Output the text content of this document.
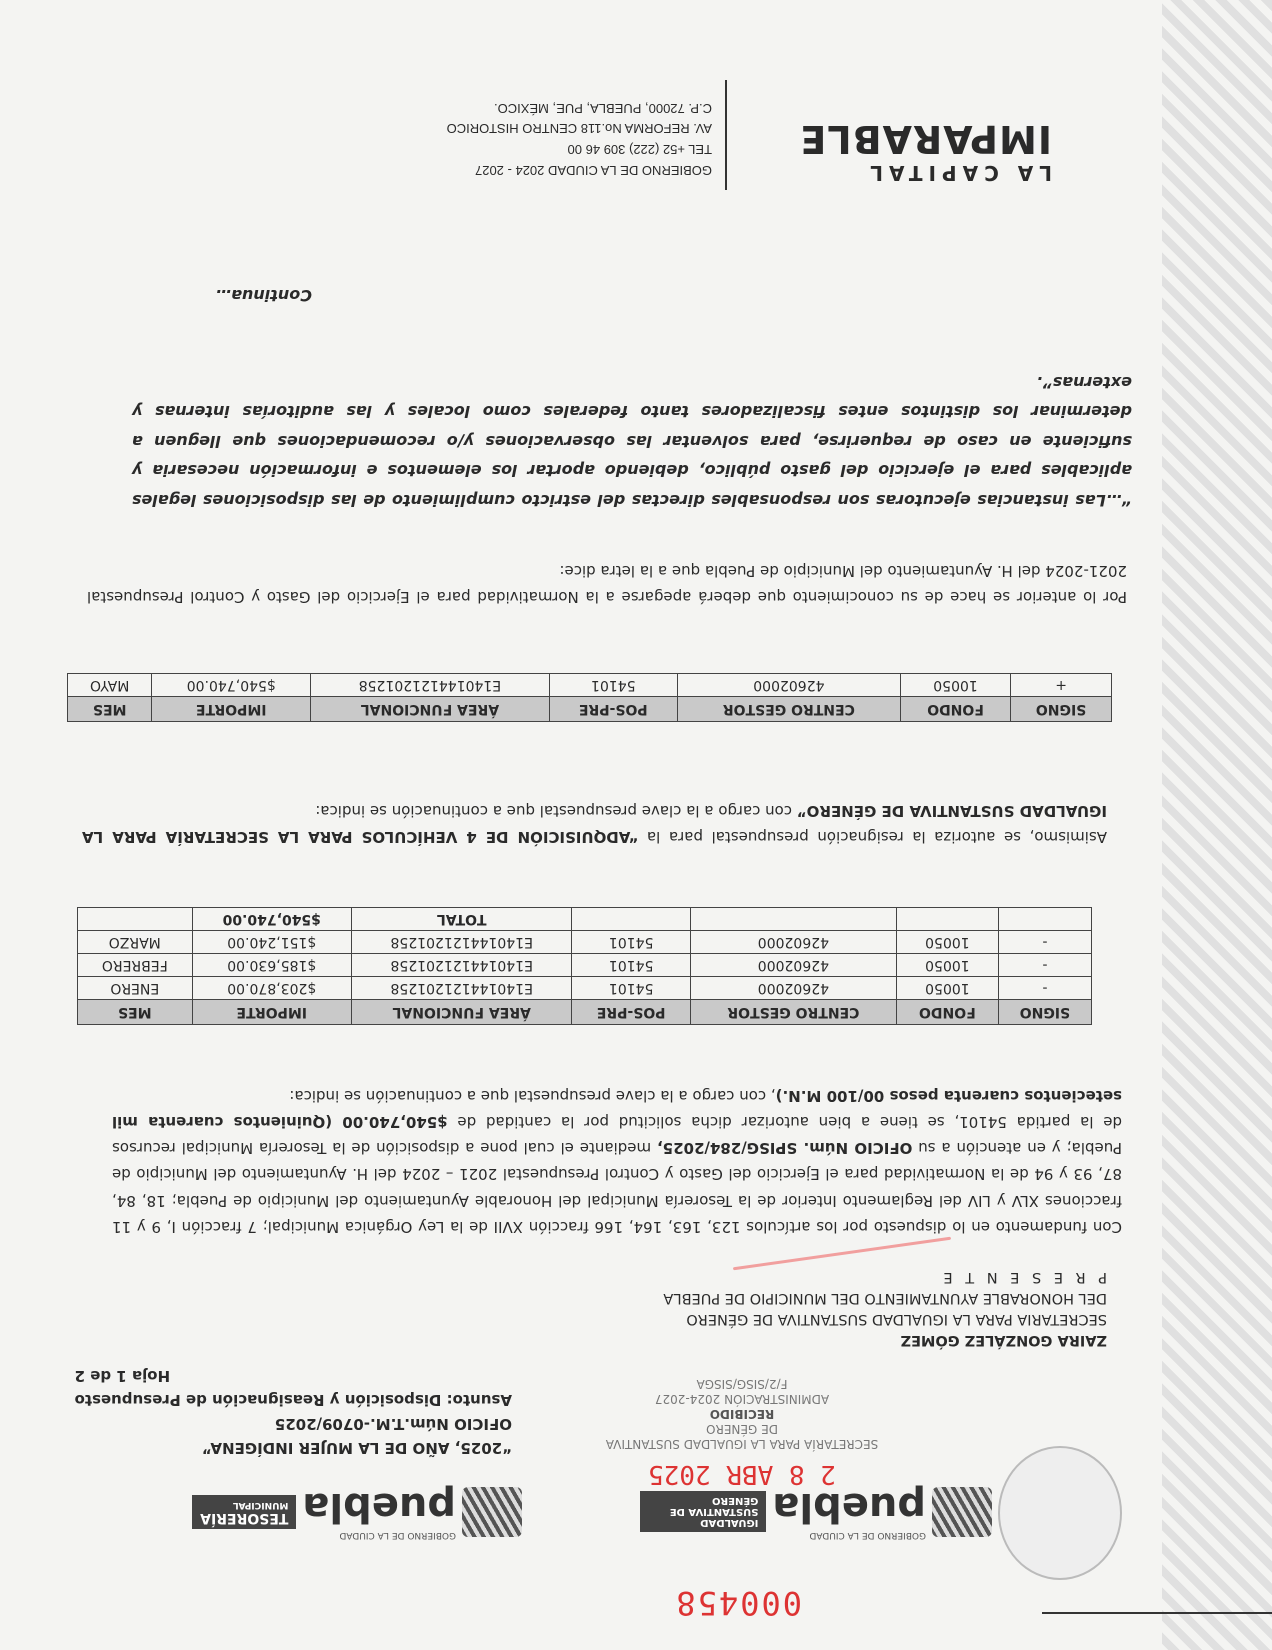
000458
GOBIERNO DE LA CIUDAD
puebla
IGUALDAD SUSTANTIVA DE GÉNERO
GOBIERNO DE LA CIUDAD
puebla
TESORERÍA
MUNICIPAL
2 8 ABR 2025
SECRETARÍA PARA LA IGUALDAD SUSTANTIVA
DE GÉNERO
RECIBIDO
ADMINISTRACIÓN 2024-2027
F/2/SISG/SISGA
“2025, AÑO DE LA MUJER INDÍGENA”
OFICIO Núm.T.M.-0709/2025
Asunto: Disposición y Reasignación de Presupuesto
Hoja 1 de 2
ZAIRA GONZÁLEZ GÓMEZ
SECRETARIA PARA LA IGUALDAD SUSTANTIVA DE GÉNERO
DEL HONORABLE AYUNTAMIENTO DEL MUNICIPIO DE PUEBLA
P R E S E N T E
Con fundamento en lo dispuesto por los artículos 123, 163, 164, 166 fracción XVII de la Ley Orgánica Municipal; 7 fracción I, 9 y 11 fracciones XLV y LIV del Reglamento Interior de la Tesorería Municipal del Honorable Ayuntamiento del Municipio de Puebla; 18, 84, 87, 93 y 94 de la Normatividad para el Ejercicio del Gasto y Control Presupuestal 2021 – 2024 del H. Ayuntamiento del Municipio de Puebla; y en atención a su OFICIO Núm. SPISG/284/2025, mediante el cual pone a disposición de la Tesorería Municipal recursos de la partida 54101, se tiene a bien autorizar dicha solicitud por la cantidad de $540,740.00 (Quinientos cuarenta mil setecientos cuarenta pesos 00/100 M.N.), con cargo a la clave presupuestal que a continuación se indica:
SIGNO	FONDO	CENTRO GESTOR	POS-PRE	ÁREA FUNCIONAL	IMPORTE	MES
-	10050	42602000	54101	E140144121201258	$203,870.00	ENERO
-	10050	42602000	54101	E140144121201258	$185,630.00	FEBRERO
-	10050	42602000	54101	E140144121201258	$151,240.00	MARZO
				TOTAL	$540,740.00	
Asimismo, se autoriza la resignación presupuestal para la “ADQUISICIÓN DE 4 VEHÍCULOS PARA LA SECRETARÍA PARA LA IGUALDAD SUSTANTIVA DE GÉNERO” con cargo a la clave presupuestal que a continuación se indica:
SIGNO	FONDO	CENTRO GESTOR	POS-PRE	ÁREA FUNCIONAL	IMPORTE	MES
+	10050	42602000	54101	E140144121201258	$540,740.00	MAYO
Por lo anterior se hace de su conocimiento que deberá apegarse a la Normatividad para el Ejercicio del Gasto y Control Presupuestal 2021-2024 del H. Ayuntamiento del Municipio de Puebla que a la letra dice:
“…Las instancias ejecutoras son responsables directas del estricto cumplimiento de las disposiciones legales aplicables para el ejercicio del gasto público, debiendo aportar los elementos e información necesaria y suficiente en caso de requerirse, para solventar las observaciones y/o recomendaciones que lleguen a determinar los distintos entes fiscalizadores tanto federales como locales y las auditorías internas y externas”.
Continua…
LA CAPITAL
IMPARABLE
GOBIERNO DE LA CIUDAD 2024 - 2027
TEL +52 (222) 309 46 00
AV. REFORMA No.118 CENTRO HISTORICO
C.P. 72000, PUEBLA, PUE, MÉXICO.
